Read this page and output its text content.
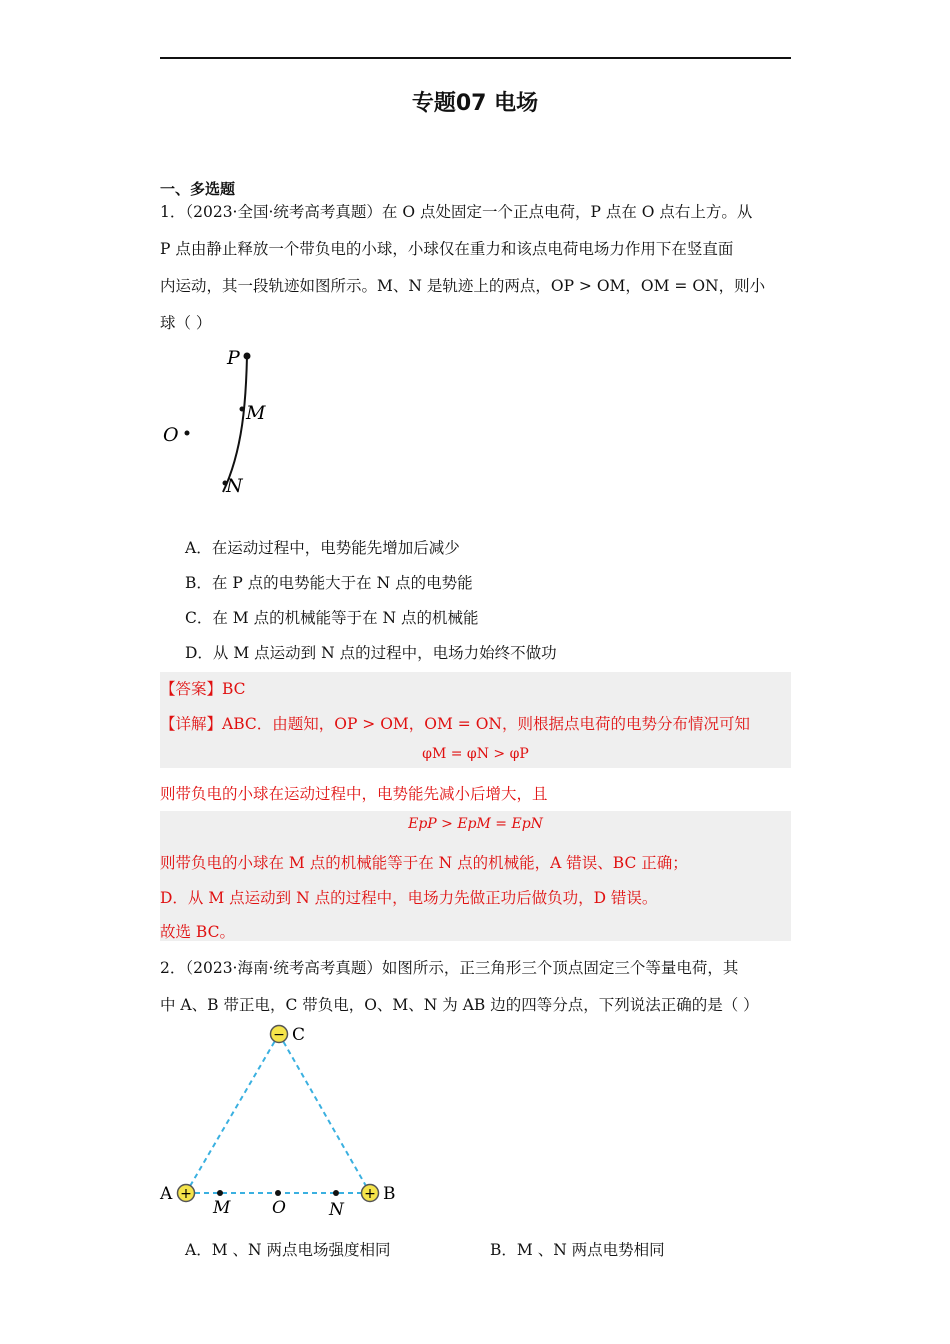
专题07 电场
一、多选题
1．（2023·全国·统考高考真题）在 O 点处固定一个正点电荷，P 点在 O 点右上方。从
P 点由静止释放一个带负电的小球，小球仅在重力和该点电荷电场力作用下在竖直面
内运动，其一段轨迹如图所示。M、N 是轨迹上的两点，OP > OM，OM = ON，则小
球（ ）
P
M
O
N
A．在运动过程中，电势能先增加后减少
B．在 P 点的电势能大于在 N 点的电势能
C．在 M 点的机械能等于在 N 点的机械能
D．从 M 点运动到 N 点的过程中，电场力始终不做功
【答案】BC
【详解】ABC．由题知，OP > OM，OM = ON，则根据点电荷的电势分布情况可知
φM = φN > φP
则带负电的小球在运动过程中，电势能先减小后增大，且
EpP > EpM = EpN
则带负电的小球在 M 点的机械能等于在 N 点的机械能，A 错误、BC 正确；
D．从 M 点运动到 N 点的过程中，电场力先做正功后做负功，D 错误。
故选 BC。
2．（2023·海南·统考高考真题）如图所示，正三角形三个顶点固定三个等量电荷，其
中 A、B 带正电，C 带负电，O、M、N 为 AB 边的四等分点，下列说法正确的是（ ）
−
+	+
C
A	B
M O	N
A．M 、N 两点电场强度相同	B．M 、N 两点电势相同
